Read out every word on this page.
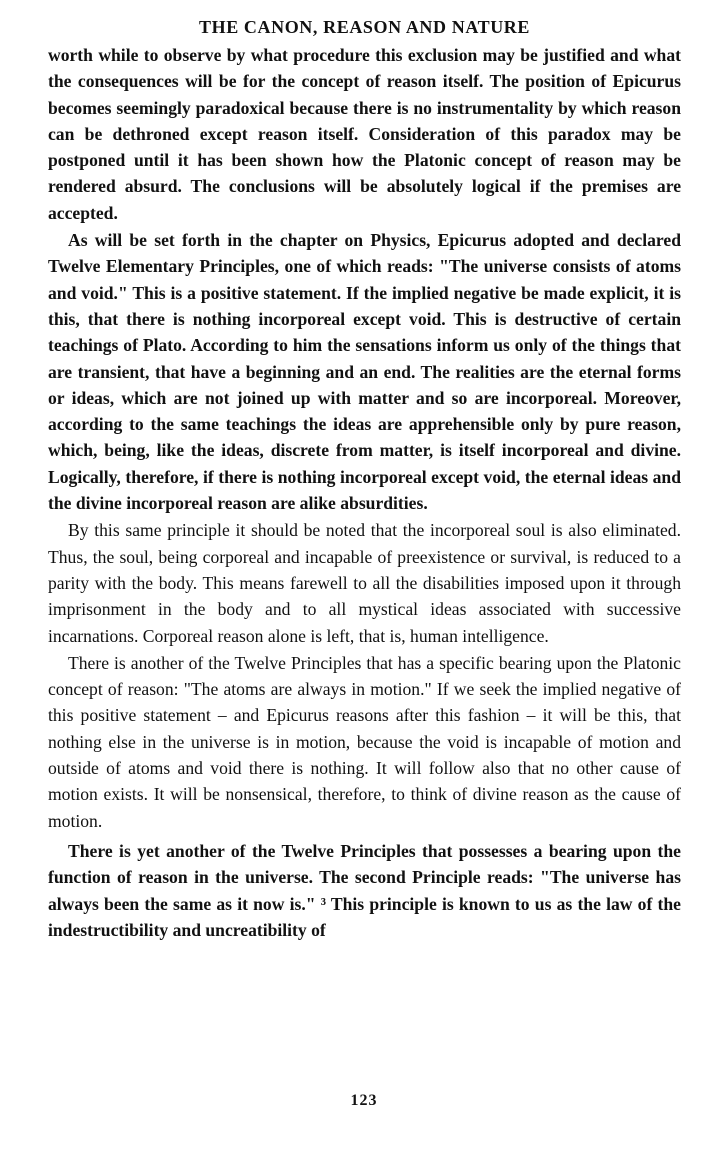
THE CANON, REASON AND NATURE

worth while to observe by what procedure this exclusion may be justified and what the consequences will be for the concept of reason itself. The position of Epicurus becomes seemingly paradoxical because there is no instrumentality by which reason can be dethroned except reason itself. Consideration of this paradox may be postponed until it has been shown how the Platonic concept of reason may be rendered absurd. The conclusions will be absolutely logical if the premises are accepted.

As will be set forth in the chapter on Physics, Epicurus adopted and declared Twelve Elementary Principles, one of which reads: "The universe consists of atoms and void." This is a positive statement. If the implied negative be made explicit, it is this, that there is nothing incorporeal except void. This is destructive of certain teachings of Plato. According to him the sensations inform us only of the things that are transient, that have a beginning and an end. The realities are the eternal forms or ideas, which are not joined up with matter and so are incorporeal. Moreover, according to the same teachings the ideas are apprehensible only by pure reason, which, being, like the ideas, discrete from matter, is itself incorporeal and divine. Logically, therefore, if there is nothing incorporeal except void, the eternal ideas and the divine incorporeal reason are alike absurdities.

By this same principle it should be noted that the incorporeal soul is also eliminated. Thus, the soul, being corporeal and incapable of preexistence or survival, is reduced to a parity with the body. This means farewell to all the disabilities imposed upon it through imprisonment in the body and to all mystical ideas associated with successive incarnations. Corporeal reason alone is left, that is, human intelligence.

There is another of the Twelve Principles that has a specific bearing upon the Platonic concept of reason: "The atoms are always in motion." If we seek the implied negative of this positive statement – and Epicurus reasons after this fashion – it will be this, that nothing else in the universe is in motion, because the void is incapable of motion and outside of atoms and void there is nothing. It will follow also that no other cause of motion exists. It will be nonsensical, therefore, to think of divine reason as the cause of motion.

There is yet another of the Twelve Principles that possesses a bearing upon the function of reason in the universe. The second Principle reads: "The universe has always been the same as it now is." ³ This principle is known to us as the law of the indestructibility and uncreatibility of

123
